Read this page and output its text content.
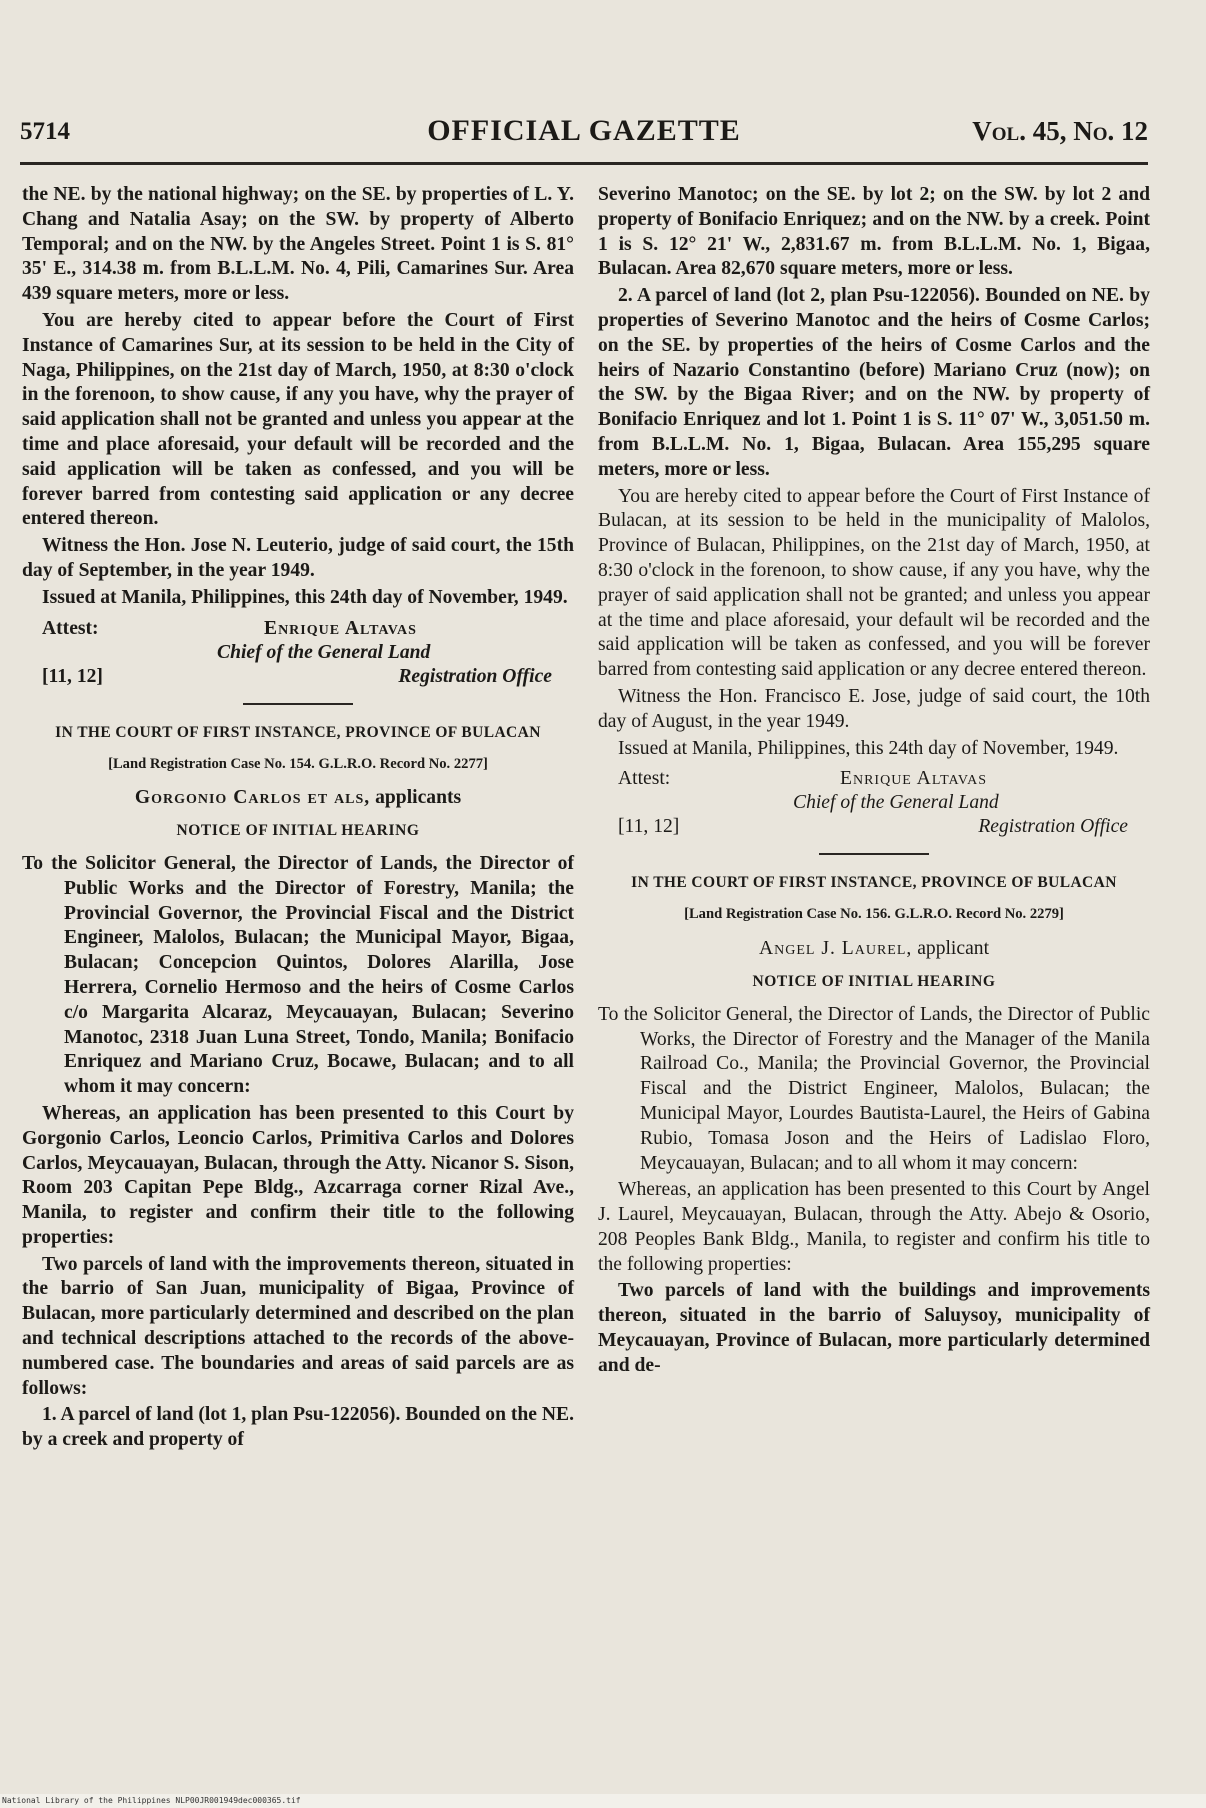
5714	OFFICIAL GAZETTE	Vol. 45, No. 12

the NE. by the national highway; on the SE. by properties of L. Y. Chang and Natalia Asay; on the SW. by property of Alberto Temporal; and on the NW. by the Angeles Street. Point 1 is S. 81° 35' E., 314.38 m. from B.L.L.M. No. 4, Pili, Camarines Sur. Area 439 square meters, more or less.

You are hereby cited to appear before the Court of First Instance of Camarines Sur, at its session to be held in the City of Naga, Philippines, on the 21st day of March, 1950, at 8:30 o'clock in the forenoon, to show cause, if any you have, why the prayer of said application shall not be granted and unless you appear at the time and place aforesaid, your default will be recorded and the said application will be taken as confessed, and you will be forever barred from contesting said application or any decree entered thereon.

Witness the Hon. Jose N. Leuterio, judge of said court, the 15th day of September, in the year 1949.

Issued at Manila, Philippines, this 24th day of November, 1949.

Attest:	Enrique Altavas
Chief of the General Land
[11, 12]	Registration Office
IN THE COURT OF FIRST INSTANCE, PROVINCE OF BULACAN
[Land Registration Case No. 154. G.L.R.O. Record No. 2277]
Gorgonio Carlos et als, applicants
NOTICE OF INITIAL HEARING

To the Solicitor General, the Director of Lands, the Director of Public Works and the Director of Forestry, Manila; the Provincial Governor, the Provincial Fiscal and the District Engineer, Malolos, Bulacan; the Municipal Mayor, Bigaa, Bulacan; Concepcion Quintos, Dolores Alarilla, Jose Herrera, Cornelio Hermoso and the heirs of Cosme Carlos c/o Margarita Alcaraz, Meycauayan, Bulacan; Severino Manotoc, 2318 Juan Luna Street, Tondo, Manila; Bonifacio Enriquez and Mariano Cruz, Bocawe, Bulacan; and to all whom it may concern:

Whereas, an application has been presented to this Court by Gorgonio Carlos, Leoncio Carlos, Primitiva Carlos and Dolores Carlos, Meycauayan, Bulacan, through the Atty. Nicanor S. Sison, Room 203 Capitan Pepe Bldg., Azcarraga corner Rizal Ave., Manila, to register and confirm their title to the following properties:

Two parcels of land with the improvements thereon, situated in the barrio of San Juan, municipality of Bigaa, Province of Bulacan, more particularly determined and described on the plan and technical descriptions attached to the records of the above-numbered case. The boundaries and areas of said parcels are as follows:

1. A parcel of land (lot 1, plan Psu-122056). Bounded on the NE. by a creek and property of

Severino Manotoc; on the SE. by lot 2; on the SW. by lot 2 and property of Bonifacio Enriquez; and on the NW. by a creek. Point 1 is S. 12° 21' W., 2,831.67 m. from B.L.L.M. No. 1, Bigaa, Bulacan. Area 82,670 square meters, more or less.

2. A parcel of land (lot 2, plan Psu-122056). Bounded on NE. by properties of Severino Manotoc and the heirs of Cosme Carlos; on the SE. by properties of the heirs of Cosme Carlos and the heirs of Nazario Constantino (before) Mariano Cruz (now); on the SW. by the Bigaa River; and on the NW. by property of Bonifacio Enriquez and lot 1. Point 1 is S. 11° 07' W., 3,051.50 m. from B.L.L.M. No. 1, Bigaa, Bulacan. Area 155,295 square meters, more or less.

You are hereby cited to appear before the Court of First Instance of Bulacan, at its session to be held in the municipality of Malolos, Province of Bulacan, Philippines, on the 21st day of March, 1950, at 8:30 o'clock in the forenoon, to show cause, if any you have, why the prayer of said application shall not be granted; and unless you appear at the time and place aforesaid, your default wil be recorded and the said application will be taken as confessed, and you will be forever barred from contesting said application or any decree entered thereon.

Witness the Hon. Francisco E. Jose, judge of said court, the 10th day of August, in the year 1949.

Issued at Manila, Philippines, this 24th day of November, 1949.

Attest:	Enrique Altavas
Chief of the General Land
[11, 12]	Registration Office
IN THE COURT OF FIRST INSTANCE, PROVINCE OF BULACAN
[Land Registration Case No. 156. G.L.R.O. Record No. 2279]
Angel J. Laurel, applicant
NOTICE OF INITIAL HEARING

To the Solicitor General, the Director of Lands, the Director of Public Works, the Director of Forestry and the Manager of the Manila Railroad Co., Manila; the Provincial Governor, the Provincial Fiscal and the District Engineer, Malolos, Bulacan; the Municipal Mayor, Lourdes Bautista-Laurel, the Heirs of Gabina Rubio, Tomasa Joson and the Heirs of Ladislao Floro, Meycauayan, Bulacan; and to all whom it may concern:

Whereas, an application has been presented to this Court by Angel J. Laurel, Meycauayan, Bulacan, through the Atty. Abejo & Osorio, 208 Peoples Bank Bldg., Manila, to register and confirm his title to the following properties:

Two parcels of land with the buildings and improvements thereon, situated in the barrio of Saluysoy, municipality of Meycauayan, Province of Bulacan, more particularly determined and de-

National Library of the Philippines NLP00JR001949dec000365.tif
